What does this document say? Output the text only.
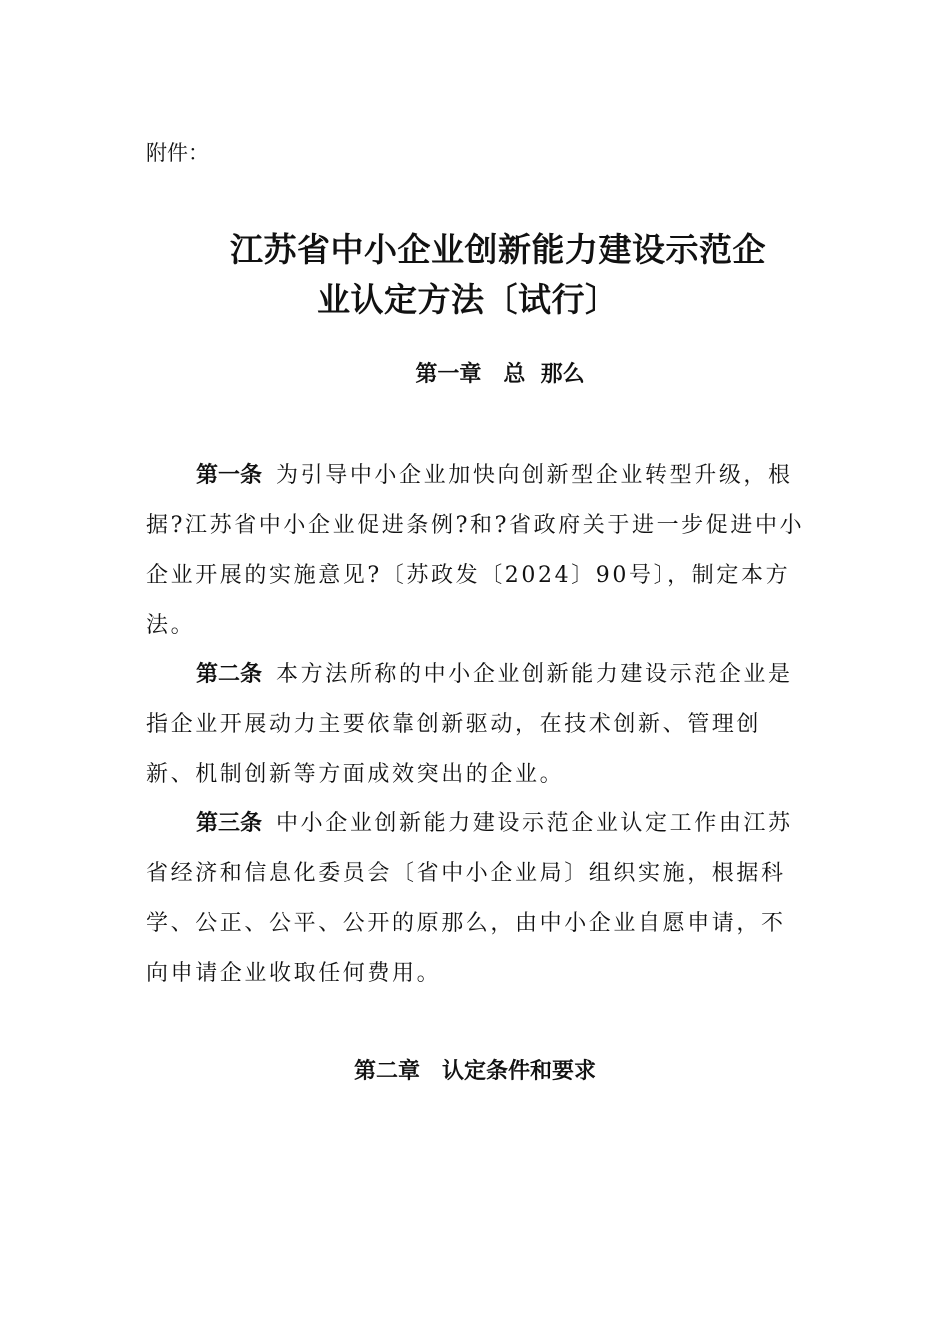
附件：

江苏省中小企业创新能力建设示范企
业认定方法〔试行〕
第一章　总  那么

第一条 为引导中小企业加快向创新型企业转型升级，根据?江苏省中小企业促进条例?和?省政府关于进一步促进中小企业开展的实施意见?〔苏政发〔2024〕90号〕，制定本方法。

第二条 本方法所称的中小企业创新能力建设示范企业是指企业开展动力主要依靠创新驱动，在技术创新、管理创新、机制创新等方面成效突出的企业。

第三条 中小企业创新能力建设示范企业认定工作由江苏省经济和信息化委员会〔省中小企业局〕组织实施，根据科学、公正、公平、公开的原那么，由中小企业自愿申请，不向申请企业收取任何费用。

第二章　认定条件和要求
